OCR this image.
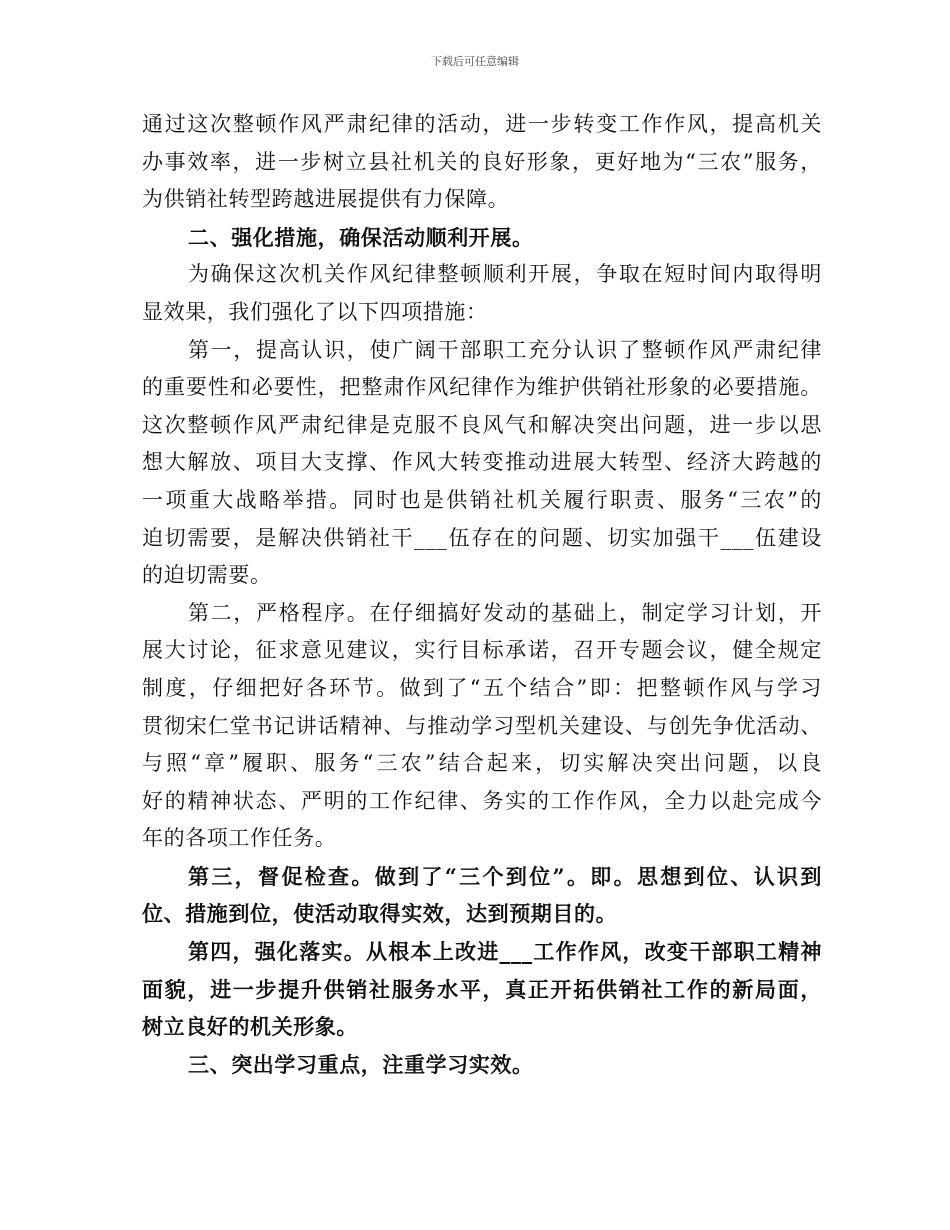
下载后可任意编辑
通过这次整顿作风严肃纪律的活动，进一步转变工作作风，提高机关
办事效率，进一步树立县社机关的良好形象，更好地为“三农”服务，
为供销社转型跨越进展提供有力保障。
二、强化措施，确保活动顺利开展。
为确保这次机关作风纪律整顿顺利开展，争取在短时间内取得明
显效果，我们强化了以下四项措施：
第一，提高认识，使广阔干部职工充分认识了整顿作风严肃纪律
的重要性和必要性，把整肃作风纪律作为维护供销社形象的必要措施。
这次整顿作风严肃纪律是克服不良风气和解决突出问题，进一步以思
想大解放、项目大支撑、作风大转变推动进展大转型、经济大跨越的
一项重大战略举措。同时也是供销社机关履行职责、服务“三农”的
迫切需要，是解决供销社干___伍存在的问题、切实加强干___伍建设
的迫切需要。
第二，严格程序。在仔细搞好发动的基础上，制定学习计划，开
展大讨论，征求意见建议，实行目标承诺，召开专题会议，健全规定
制度，仔细把好各环节。做到了“五个结合”即：把整顿作风与学习
贯彻宋仁堂书记讲话精神、与推动学习型机关建设、与创先争优活动、
与照“章”履职、服务“三农”结合起来，切实解决突出问题，以良
好的精神状态、严明的工作纪律、务实的工作作风，全力以赴完成今
年的各项工作任务。
第三，督促检查。做到了“三个到位”。即。思想到位、认识到
位、措施到位，使活动取得实效，达到预期目的。
第四，强化落实。从根本上改进___工作作风，改变干部职工精神
面貌，进一步提升供销社服务水平，真正开拓供销社工作的新局面，
树立良好的机关形象。
三、突出学习重点，注重学习实效。
